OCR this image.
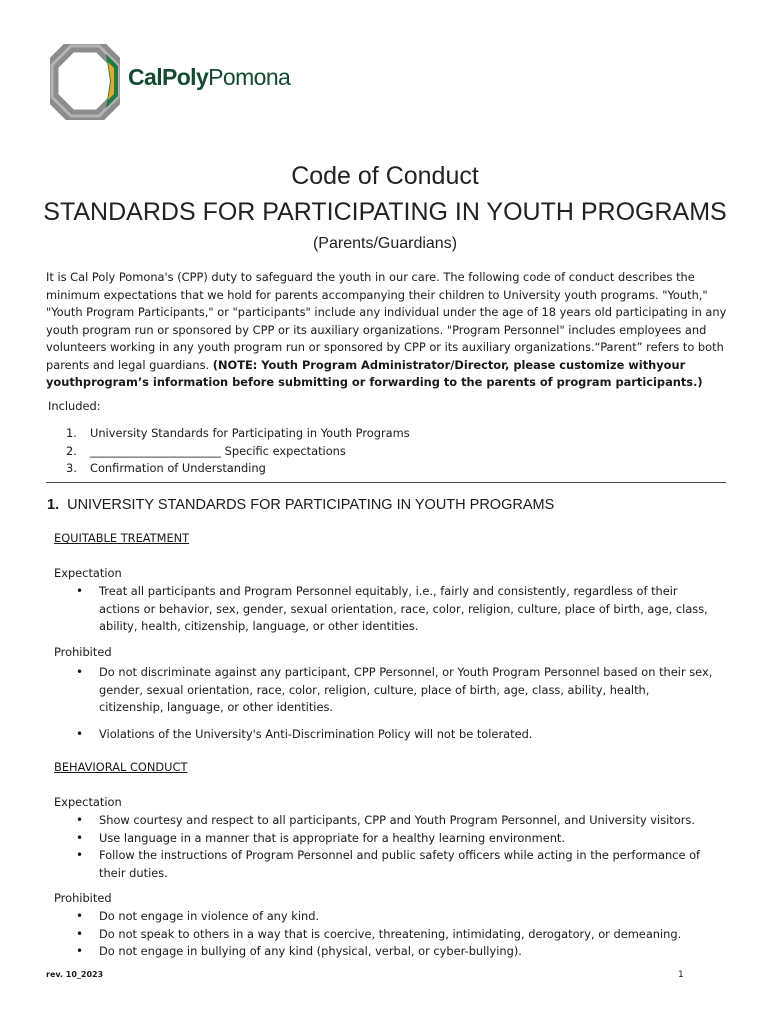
CalPolyPomona
Code of Conduct
STANDARDS FOR PARTICIPATING IN YOUTH PROGRAMS
(Parents/Guardians)
It is Cal Poly Pomona's (CPP) duty to safeguard the youth in our care. The following code of conduct describes the minimum expectations that we hold for parents accompanying their children to University youth programs. "Youth," "Youth Program Participants," or "participants" include any individual under the age of 18 years old participating in any youth program run or sponsored by CPP or its auxiliary organizations. "Program Personnel" includes employees and volunteers working in any youth program run or sponsored by CPP or its auxiliary organizations.“Parent” refers to both parents and legal guardians. (NOTE: Youth Program Administrator/Director, please customize withyour youthprogram’s information before submitting or forwarding to the parents of program participants.)
Included:
1. University Standards for Participating in Youth Programs
2. _______________________ Specific expectations
3. Confirmation of Understanding
1. UNIVERSITY STANDARDS FOR PARTICIPATING IN YOUTH PROGRAMS
EQUITABLE TREATMENT
Expectation
• Treat all participants and Program Personnel equitably, i.e., fairly and consistently, regardless of their actions or behavior, sex, gender, sexual orientation, race, color, religion, culture, place of birth, age, class, ability, health, citizenship, language, or other identities.
Prohibited
• Do not discriminate against any participant, CPP Personnel, or Youth Program Personnel based on their sex, gender, sexual orientation, race, color, religion, culture, place of birth, age, class, ability, health, citizenship, language, or other identities.
• Violations of the University's Anti-Discrimination Policy will not be tolerated.
BEHAVIORAL CONDUCT
Expectation
• Show courtesy and respect to all participants, CPP and Youth Program Personnel, and University visitors.
• Use language in a manner that is appropriate for a healthy learning environment.
• Follow the instructions of Program Personnel and public safety officers while acting in the performance of their duties.
Prohibited
• Do not engage in violence of any kind.
• Do not speak to others in a way that is coercive, threatening, intimidating, derogatory, or demeaning.
• Do not engage in bullying of any kind (physical, verbal, or cyber-bullying).
rev. 10_2023	1
